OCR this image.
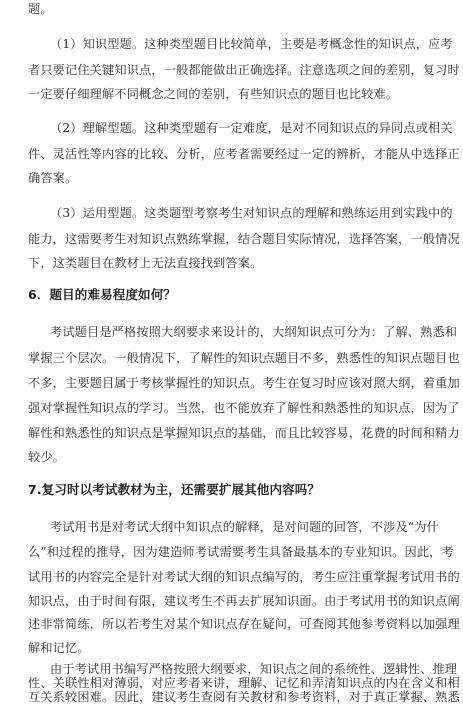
题。
（1）知识型题。这种类型题目比较简单，主要是考概念性的知识点，应考
者只要记住关键知识点，一般都能做出正确选择。注意选项之间的差别，复习时
一定要仔细理解不同概念之间的差别，有些知识点的题目也比较难。
（2）理解型题。这种类型题有一定难度，是对不同知识点的异同点或相关
件、灵活性等内容的比较、分析，应考者需要经过一定的辨析，才能从中选择正
确答案。
（3）运用型题。这类题型考察考生对知识点的理解和熟练运用到实践中的
能力，这需要考生对知识点熟练掌握，结合题目实际情况，选择答案，一般情况
下，这类题目在教材上无法直接找到答案。
6．题目的难易程度如何？
考试题目是严格按照大纲要求来设计的，大纲知识点可分为：了解、熟悉和
掌握三个层次。一般情况下，了解性的知识点题目不多，熟悉性的知识点题目也
不多，主要题目属于考核掌握性的知识点。考生在复习时应该对照大纲，着重加
强对掌握性知识点的学习。当然，也不能放弃了解性和熟悉性的知识点，因为了
解性和熟悉性的知识点是掌握知识点的基础，而且比较容易，花费的时间和精力
较少。
7.复习时以考试教材为主，还需要扩展其他内容吗？
考试用书是对考试大纲中知识点的解释，是对问题的回答，不涉及“为什
么”和过程的推导，因为建造师考试需要考生具备最基本的专业知识。因此，考
试用书的内容完全是针对考试大纲的知识点编写的，考生应注重掌握考试用书的
知识点，由于时间有限，建议考生不再去扩展知识面。由于考试用书的知识点阐
述非常简练，所以若考生对某个知识点存在疑问，可查阅其他参考资料以加强理
解和记忆。
由于考试用书编写严格按照大纲要求，知识点之间的系统性、逻辑性、推理
性、关联性相对薄弱，对应考者来讲，理解、记忆和弄清知识点的内在含义和相
互关系较困难。因此，建议考生查阅有关教材和参考资料，对于真正掌握、熟悉
